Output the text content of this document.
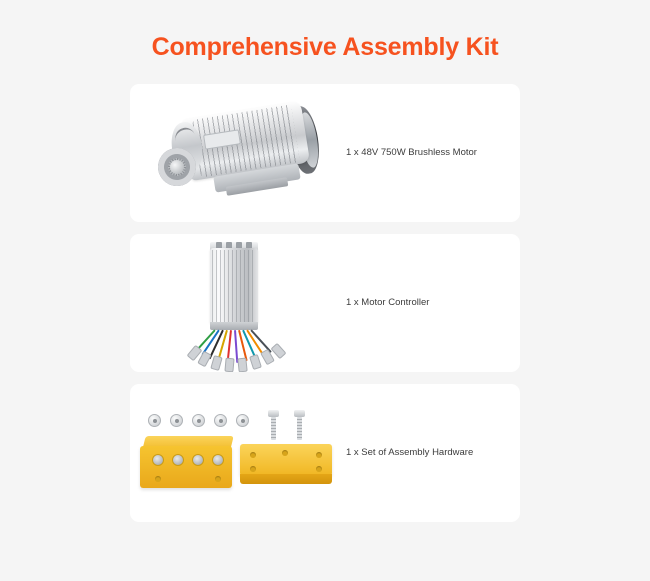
Comprehensive Assembly Kit
1 x 48V 750W Brushless Motor
1 x Motor Controller
1 x Set of Assembly Hardware
